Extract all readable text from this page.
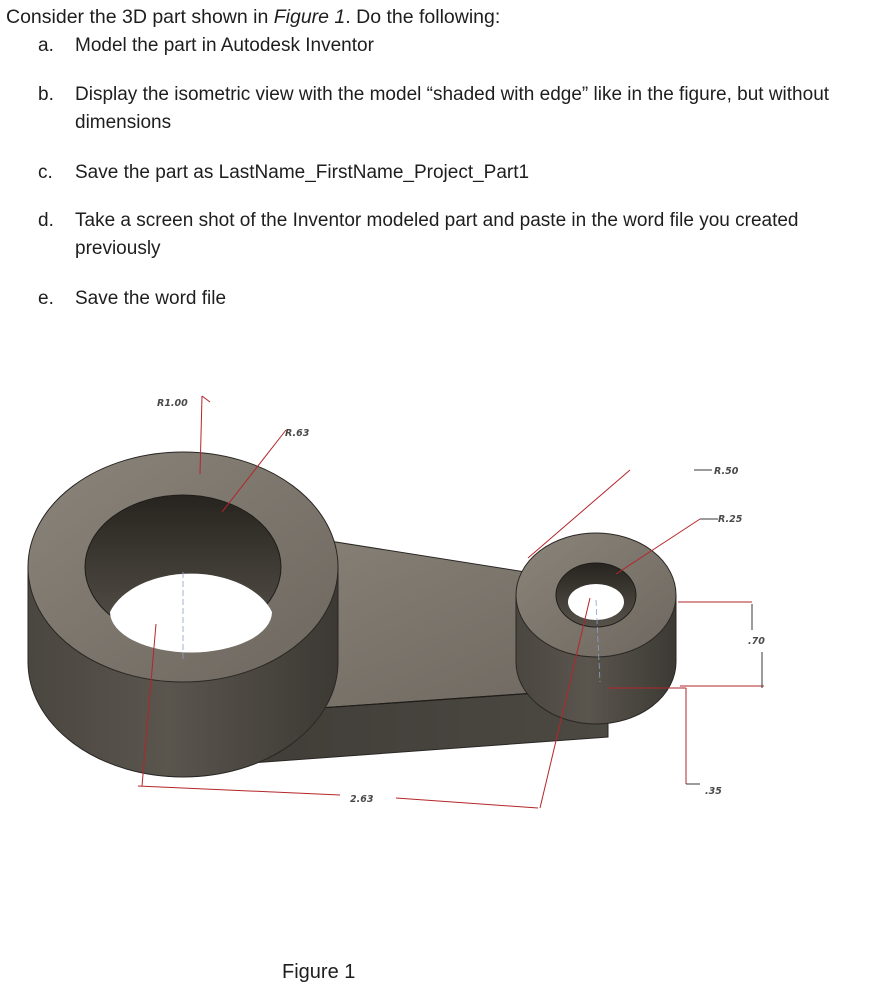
Consider the 3D part shown in Figure 1. Do the following:
a. Model the part in Autodesk Inventor
b. Display the isometric view with the model “shaded with edge” like in the figure, but without dimensions
c. Save the part as LastName_FirstName_Project_Part1
d. Take a screen shot of the Inventor modeled part and paste in the word file you created previously
e. Save the word file
R1.00
R.63
R.50
R.25
.70
.35
2.63
Figure 1
